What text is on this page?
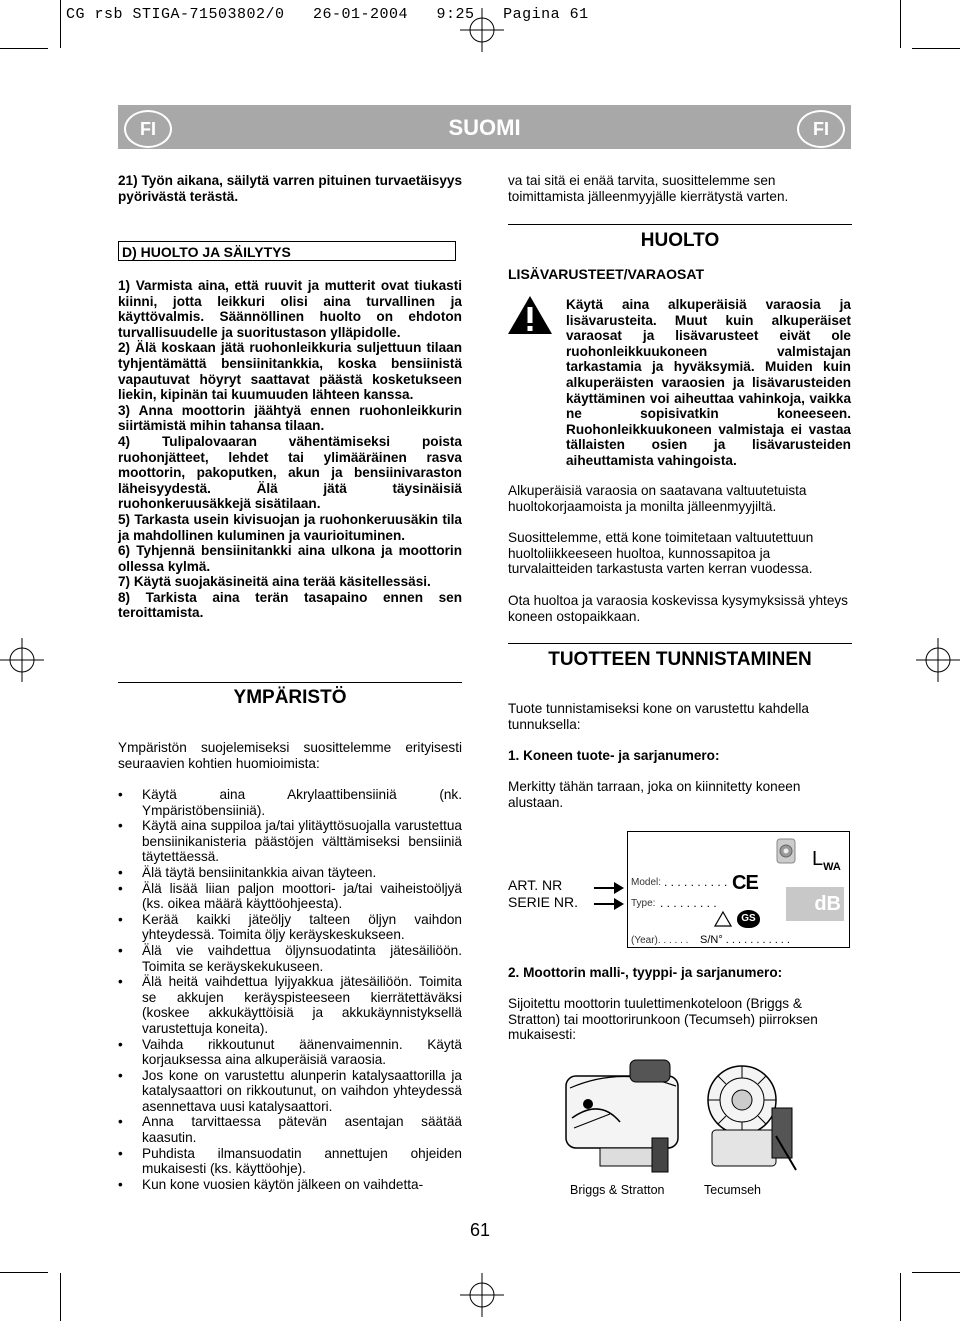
CG rsb STIGA-71503802/0   26-01-2004   9:25   Pagina 61
FI	SUOMI	FI
21) Työn aikana, säilytä varren pituinen turvaetäisyys pyörivästä terästä.
D) HUOLTO JA SÄILYTYS
1) Varmista aina, että ruuvit ja mutterit ovat tiukasti kiinni, jotta leikkuri olisi aina turvallinen ja käyttövalmis. Säännöllinen huolto on ehdoton turvallisuudelle ja suoritustason ylläpidolle.
2) Älä koskaan jätä ruohonleikkuria suljettuun tilaan tyhjentämättä bensiinitankkia, koska bensiinistä vapautuvat höyryt saattavat päästä kosketukseen liekin, kipinän tai kuumuuden lähteen kanssa.
3) Anna moottorin jäähtyä ennen ruohonleikkurin siirtämistä mihin tahansa tilaan.
4) Tulipalovaaran vähentämiseksi poista ruohonjätteet, lehdet tai ylimääräinen rasva moottorin, pakoputken, akun ja bensiinivaraston läheisyydestä. Älä jätä täysinäisiä ruohonkeruusäkkejä sisätilaan.
5) Tarkasta usein kivisuojan ja ruohonkeruusäkin tila ja mahdollinen kuluminen ja vaurioituminen.
6) Tyhjennä bensiinitankki aina ulkona ja moottorin ollessa kylmä.
7) Käytä suojakäsineitä aina terää käsitellessäsi.
8) Tarkista aina terän tasapaino ennen sen teroittamista.
YMPÄRISTÖ
Ympäristön suojelemiseksi suosittelemme erityisesti seuraavien kohtien huomioimista:
• Käytä aina Akrylaattibensiiniä (nk. Ympäristöbensiiniä).
• Käytä aina suppiloa ja/tai ylitäyttösuojalla varustettua bensiinikanisteria päästöjen välttämiseksi bensiiniä täytettäessä.
• Älä täytä bensiinitankkia aivan täyteen.
• Älä lisää liian paljon moottori- ja/tai vaiheistoöljyä (ks. oikea määrä käyttöohjeesta).
• Kerää kaikki jäteöljy talteen öljyn vaihdon yhteydessä. Toimita öljy keräyskeskukseen.
• Älä vie vaihdettua öljynsuodatinta jätesäiliöön. Toimita se keräyskekukuseen.
• Älä heitä vaihdettua lyijyakkua jätesäiliöön. Toimita se akkujen keräyspisteeseen kierrätettäväksi (koskee akkukäyttöisiä ja akkukäynnistyksellä varustettuja koneita).
• Vaihda rikkoutunut äänenvaimennin. Käytä korjauksessa aina alkuperäisiä varaosia.
• Jos kone on varustettu alunperin katalysaattorilla ja katalysaattori on rikkoutunut, on vaihdon yhteydessä asennettava uusi katalysaattori.
• Anna tarvittaessa pätevän asentajan säätää kaasutin.
• Puhdista ilmansuodatin annettujen ohjeiden mukaisesti (ks. käyttöohje).
• Kun kone vuosien käytön jälkeen on vaihdetta-
va tai sitä ei enää tarvita, suosittelemme sen toimittamista jälleenmyyjälle kierrätystä varten.
HUOLTO
LISÄVARUSTEET/VARAOSAT
Käytä aina alkuperäisiä varaosia ja lisävarusteita. Muut kuin alkuperäiset varaosat ja lisävarusteet eivät ole ruohonleikkuukoneen valmistajan tarkastamia ja hyväksymiä. Muiden kuin alkuperäisten varaosien ja lisävarusteiden käyttäminen voi aiheuttaa vahinkoja, vaikka ne sopisivatkin koneeseen. Ruohonleikkuukoneen valmistaja ei vastaa tällaisten osien ja lisävarusteiden aiheuttamista vahingoista.
Alkuperäisiä varaosia on saatavana valtuutetuista huoltokorjaamoista ja monilta jälleenmyyjiltä.
Suosittelemme, että kone toimitetaan valtuutettuun huoltoliikkeeseen huoltoa, kunnossapitoa ja turvalaitteiden tarkastusta varten kerran vuodessa.
Ota huoltoa ja varaosia koskevissa kysymyksissä yhteys koneen ostopaikkaan.
TUOTTEEN TUNNISTAMINEN
Tuote tunnistamiseksi kone on varustettu kahdella tunnuksella:
1. Koneen tuote- ja sarjanumero:
Merkitty tähän tarraan, joka on kiinnitetty koneen alustaan.
ART. NR
SERIE NR.
Model: . . . . . . . . . .
Type: . . . . . . . . .
(Year). . . . . . S/N° . . . . . . . . . . .
CE
GS
$L_{WA}$
dB
2. Moottorin malli-, tyyppi- ja sarjanumero:
Sijoitettu moottorin tuulettimenkoteloon (Briggs & Stratton) tai moottorirunkoon (Tecumseh) piirroksen mukaisesti:
Briggs & Stratton	Tecumseh
61
